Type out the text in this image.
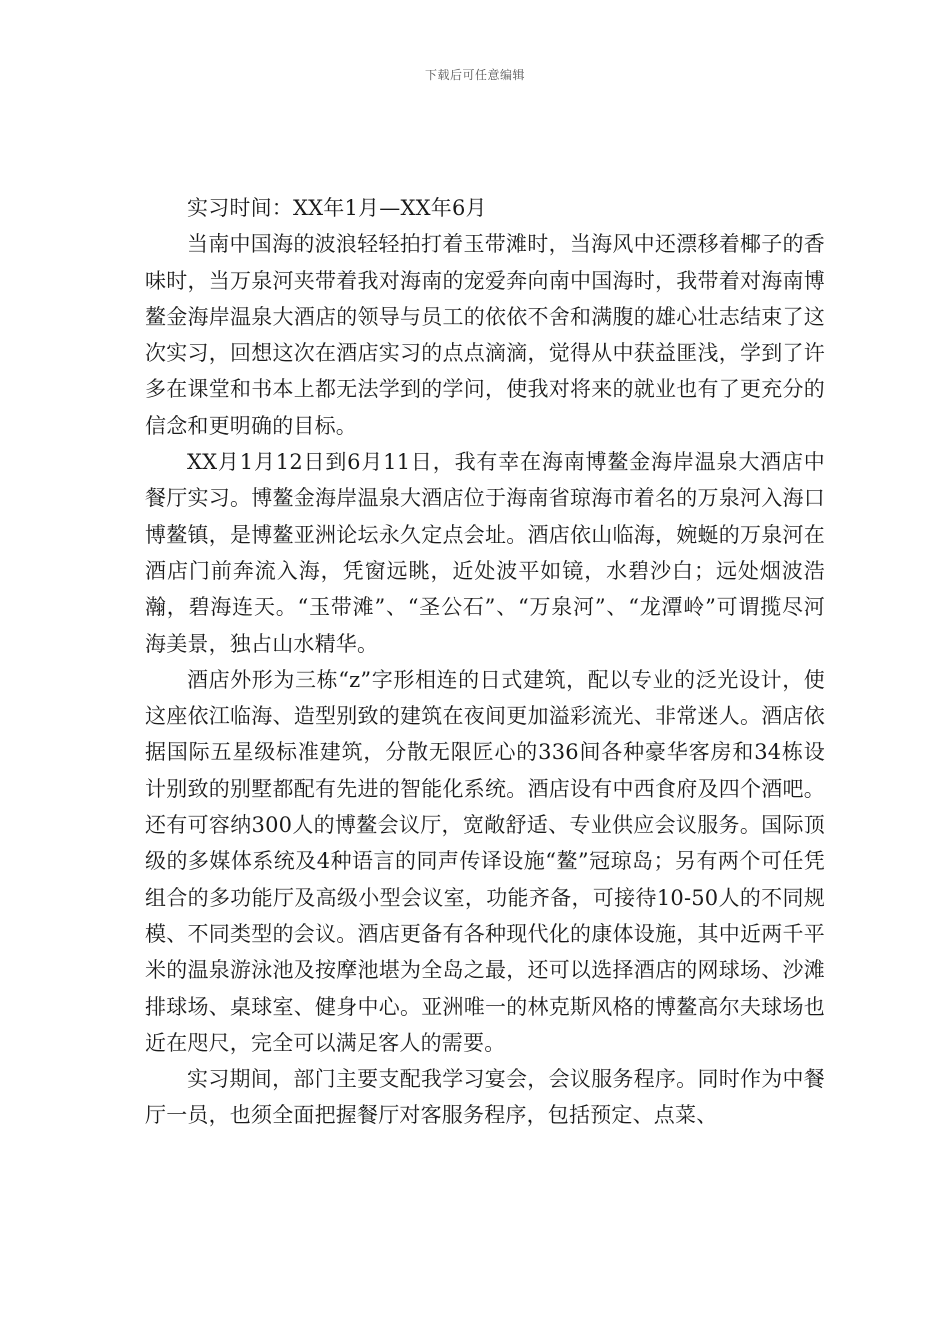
下载后可任意编辑

实习时间：XX年1月—XX年6月

当南中国海的波浪轻轻拍打着玉带滩时，当海风中还漂移着椰子的香味时，当万泉河夹带着我对海南的宠爱奔向南中国海时，我带着对海南博鳌金海岸温泉大酒店的领导与员工的依依不舍和满腹的雄心壮志结束了这次实习，回想这次在酒店实习的点点滴滴，觉得从中获益匪浅，学到了许多在课堂和书本上都无法学到的学问，使我对将来的就业也有了更充分的信念和更明确的目标。

XX月1月12日到6月11日，我有幸在海南博鳌金海岸温泉大酒店中餐厅实习。博鳌金海岸温泉大酒店位于海南省琼海市着名的万泉河入海口博鳌镇，是博鳌亚洲论坛永久定点会址。酒店依山临海，婉蜒的万泉河在酒店门前奔流入海，凭窗远眺，近处波平如镜，水碧沙白；远处烟波浩瀚，碧海连天。“玉带滩”、“圣公石”、“万泉河”、“龙潭岭”可谓揽尽河海美景，独占山水精华。

酒店外形为三栋“z”字形相连的日式建筑，配以专业的泛光设计，使这座依江临海、造型别致的建筑在夜间更加溢彩流光、非常迷人。酒店依据国际五星级标准建筑，分散无限匠心的336间各种豪华客房和34栋设计别致的别墅都配有先进的智能化系统。酒店设有中西食府及四个酒吧。还有可容纳300人的博鳌会议厅，宽敞舒适、专业供应会议服务。国际顶级的多媒体系统及4种语言的同声传译设施“鳌”冠琼岛；另有两个可任凭组合的多功能厅及高级小型会议室，功能齐备，可接待10-50人的不同规模、不同类型的会议。酒店更备有各种现代化的康体设施，其中近两千平米的温泉游泳池及按摩池堪为全岛之最，还可以选择酒店的网球场、沙滩排球场、桌球室、健身中心。亚洲唯一的林克斯风格的博鳌高尔夫球场也近在咫尺，完全可以满足客人的需要。

实习期间，部门主要支配我学习宴会，会议服务程序。同时作为中餐厅一员，也须全面把握餐厅对客服务程序，包括预定、点菜、
